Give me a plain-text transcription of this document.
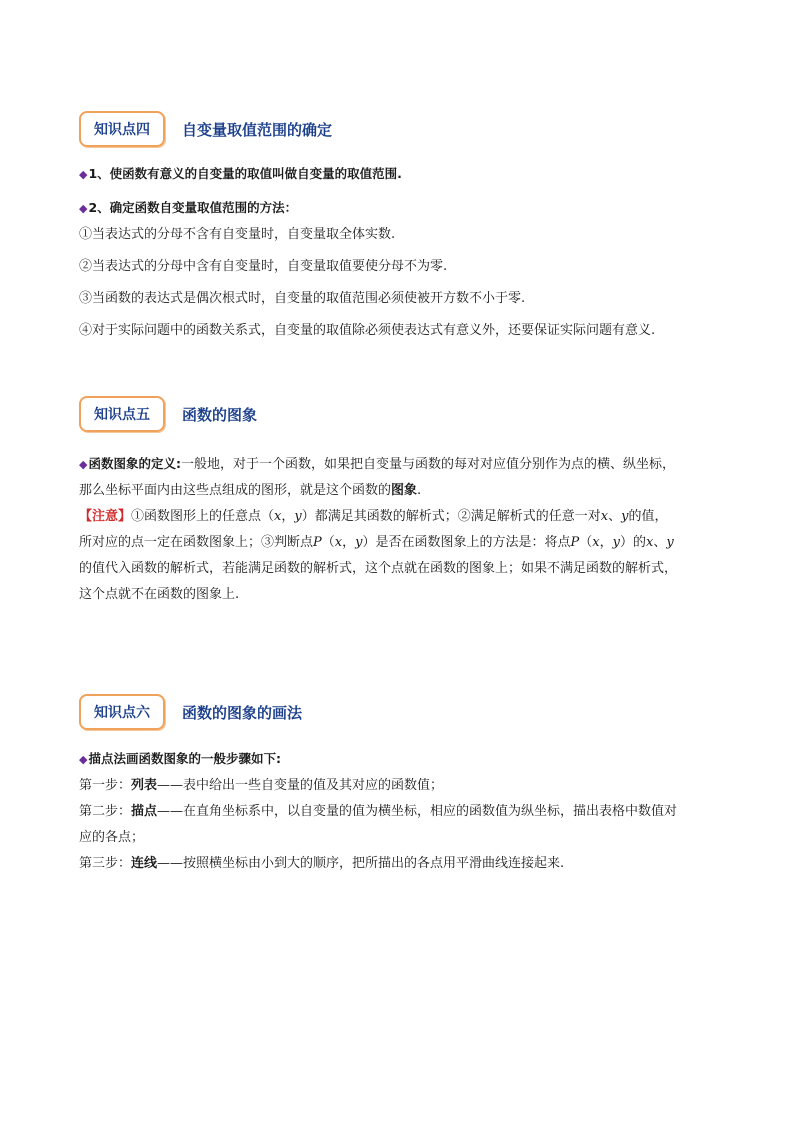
知识点四	自变量取值范围的确定
◆1、使函数有意义的自变量的取值叫做自变量的取值范围.
◆2、确定函数自变量取值范围的方法：
①当表达式的分母不含有自变量时，自变量取全体实数.
②当表达式的分母中含有自变量时，自变量取值要使分母不为零.
③当函数的表达式是偶次根式时，自变量的取值范围必须使被开方数不小于零.
④对于实际问题中的函数关系式，自变量的取值除必须使表达式有意义外，还要保证实际问题有意义.
知识点五	函数的图象
◆函数图象的定义:一般地，对于一个函数，如果把自变量与函数的每对对应值分别作为点的横、纵坐标，
那么坐标平面内由这些点组成的图形，就是这个函数的图象.
【注意】①函数图形上的任意点（x，y）都满足其函数的解析式；②满足解析式的任意一对x、y的值，
所对应的点一定在函数图象上；③判断点P（x，y）是否在函数图象上的方法是：将点P（x，y）的x、y
的值代入函数的解析式，若能满足函数的解析式，这个点就在函数的图象上；如果不满足函数的解析式，
这个点就不在函数的图象上.
知识点六	函数的图象的画法
◆描点法画函数图象的一般步骤如下:
第一步：列表——表中给出一些自变量的值及其对应的函数值；
第二步：描点——在直角坐标系中，以自变量的值为横坐标，相应的函数值为纵坐标，描出表格中数值对
应的各点；
第三步：连线——按照横坐标由小到大的顺序，把所描出的各点用平滑曲线连接起来.
